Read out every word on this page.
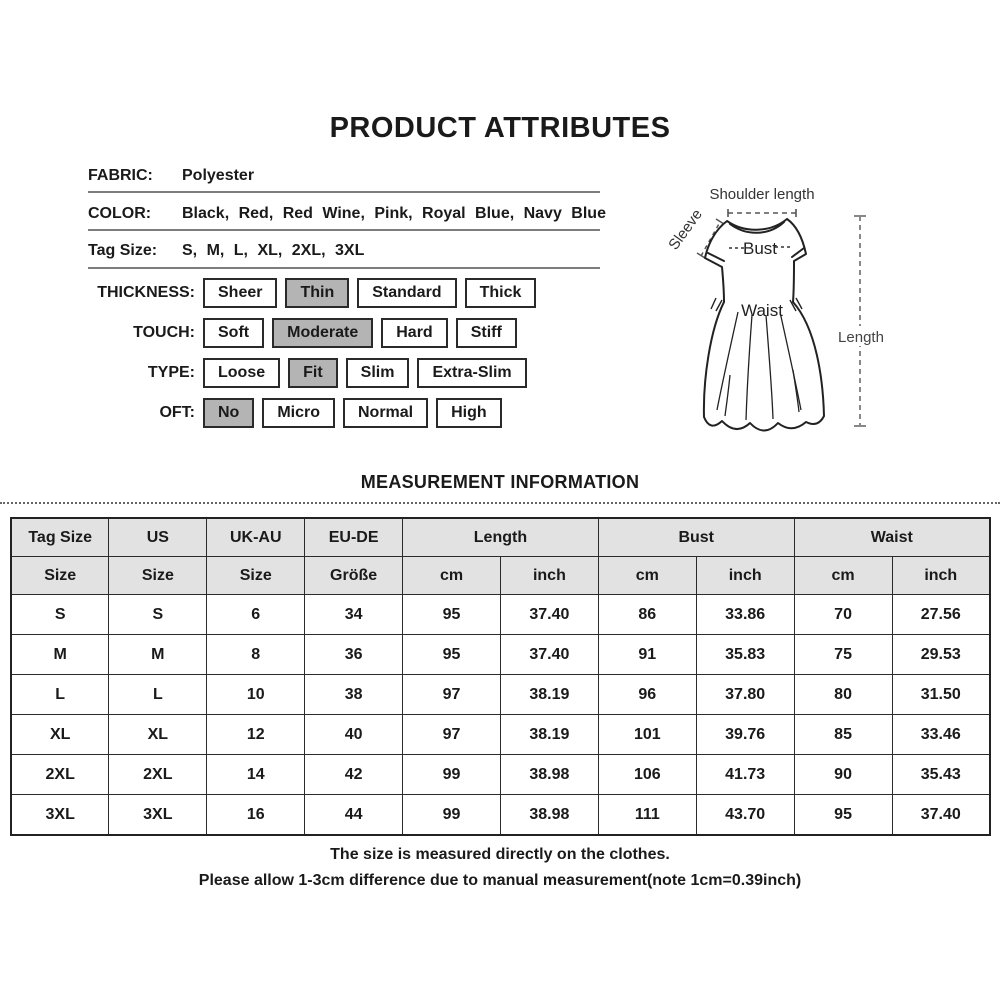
PRODUCT ATTRIBUTES
FABRIC: Polyester
COLOR: Black, Red, Red Wine, Pink, Royal Blue, Navy Blue
Tag Size: S, M, L, XL, 2XL, 3XL
THICKNESS:	Sheer	Thin	Standard	Thick
TOUCH:	Soft	Moderate	Hard	Stiff
TYPE:	Loose	Fit	Slim	Extra-Slim
OFT:	No	Micro	Normal	High
Shoulder length
Sleeve Bust
Waist
Length
MEASUREMENT INFORMATION
Tag Size	US	UK-AU	EU-DE	Length		Bust		Waist	
Size	Size	Size	Größe	cm	inch	cm	inch	cm	inch
S	S	6	34	95	37.40	86	33.86	70	27.56
M	M	8	36	95	37.40	91	35.83	75	29.53
L	L	10	38	97	38.19	96	37.80	80	31.50
XL	XL	12	40	97	38.19	101	39.76	85	33.46
2XL	2XL	14	42	99	38.98	106	41.73	90	35.43
3XL	3XL	16	44	99	38.98	111	43.70	95	37.40
The size is measured directly on the clothes.
Please allow 1-3cm difference due to manual measurement(note 1cm=0.39inch)
